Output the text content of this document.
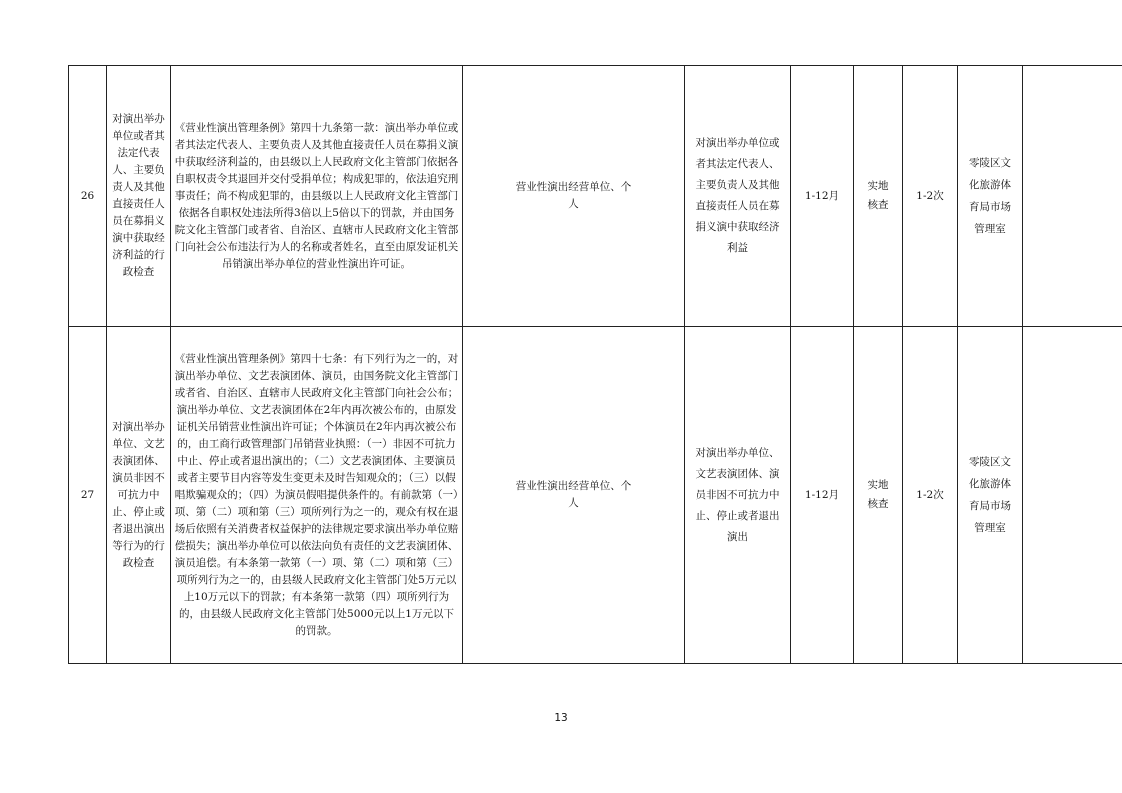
26	对演出举办单位或者其法定代表人、主要负责人及其他直接责任人员在募捐义演中获取经济利益的行政检查	《营业性演出管理条例》第四十九条第一款：演出举办单位或者其法定代表人、主要负责人及其他直接责任人员在募捐义演中获取经济利益的，由县级以上人民政府文化主管部门依据各自职权责令其退回并交付受捐单位；构成犯罪的，依法追究刑事责任；尚不构成犯罪的，由县级以上人民政府文化主管部门依据各自职权处违法所得3倍以上5倍以下的罚款，并由国务院文化主管部门或者省、自治区、直辖市人民政府文化主管部门向社会公布违法行为人的名称或者姓名，直至由原发证机关吊销演出举办单位的营业性演出许可证。	营业性演出经营单位、个人	对演出举办单位或者其法定代表人、主要负责人及其他直接责任人员在募捐义演中获取经济利益	1-12月	实地核查	1-2次	零陵区文化旅游体育局市场管理室		

27	对演出举办单位、文艺表演团体、演员非因不可抗力中止、停止或者退出演出等行为的行政检查	《营业性演出管理条例》第四十七条：有下列行为之一的，对演出举办单位、文艺表演团体、演员，由国务院文化主管部门或者省、自治区、直辖市人民政府文化主管部门向社会公布；演出举办单位、文艺表演团体在2年内再次被公布的，由原发证机关吊销营业性演出许可证；个体演员在2年内再次被公布的，由工商行政管理部门吊销营业执照：（一）非因不可抗力中止、停止或者退出演出的；（二）文艺表演团体、主要演员或者主要节目内容等发生变更未及时告知观众的；（三）以假唱欺骗观众的；（四）为演员假唱提供条件的。有前款第（一）项、第（二）项和第（三）项所列行为之一的，观众有权在退场后依照有关消费者权益保护的法律规定要求演出举办单位赔偿损失；演出举办单位可以依法向负有责任的文艺表演团体、演员追偿。有本条第一款第（一）项、第（二）项和第（三）项所列行为之一的，由县级人民政府文化主管部门处5万元以上10万元以下的罚款；有本条第一款第（四）项所列行为的，由县级人民政府文化主管部门处5000元以上1万元以下的罚款。	营业性演出经营单位、个人	对演出举办单位、文艺表演团体、演员非因不可抗力中止、停止或者退出演出	1-12月	实地核查	1-2次	零陵区文化旅游体育局市场管理室		

13
